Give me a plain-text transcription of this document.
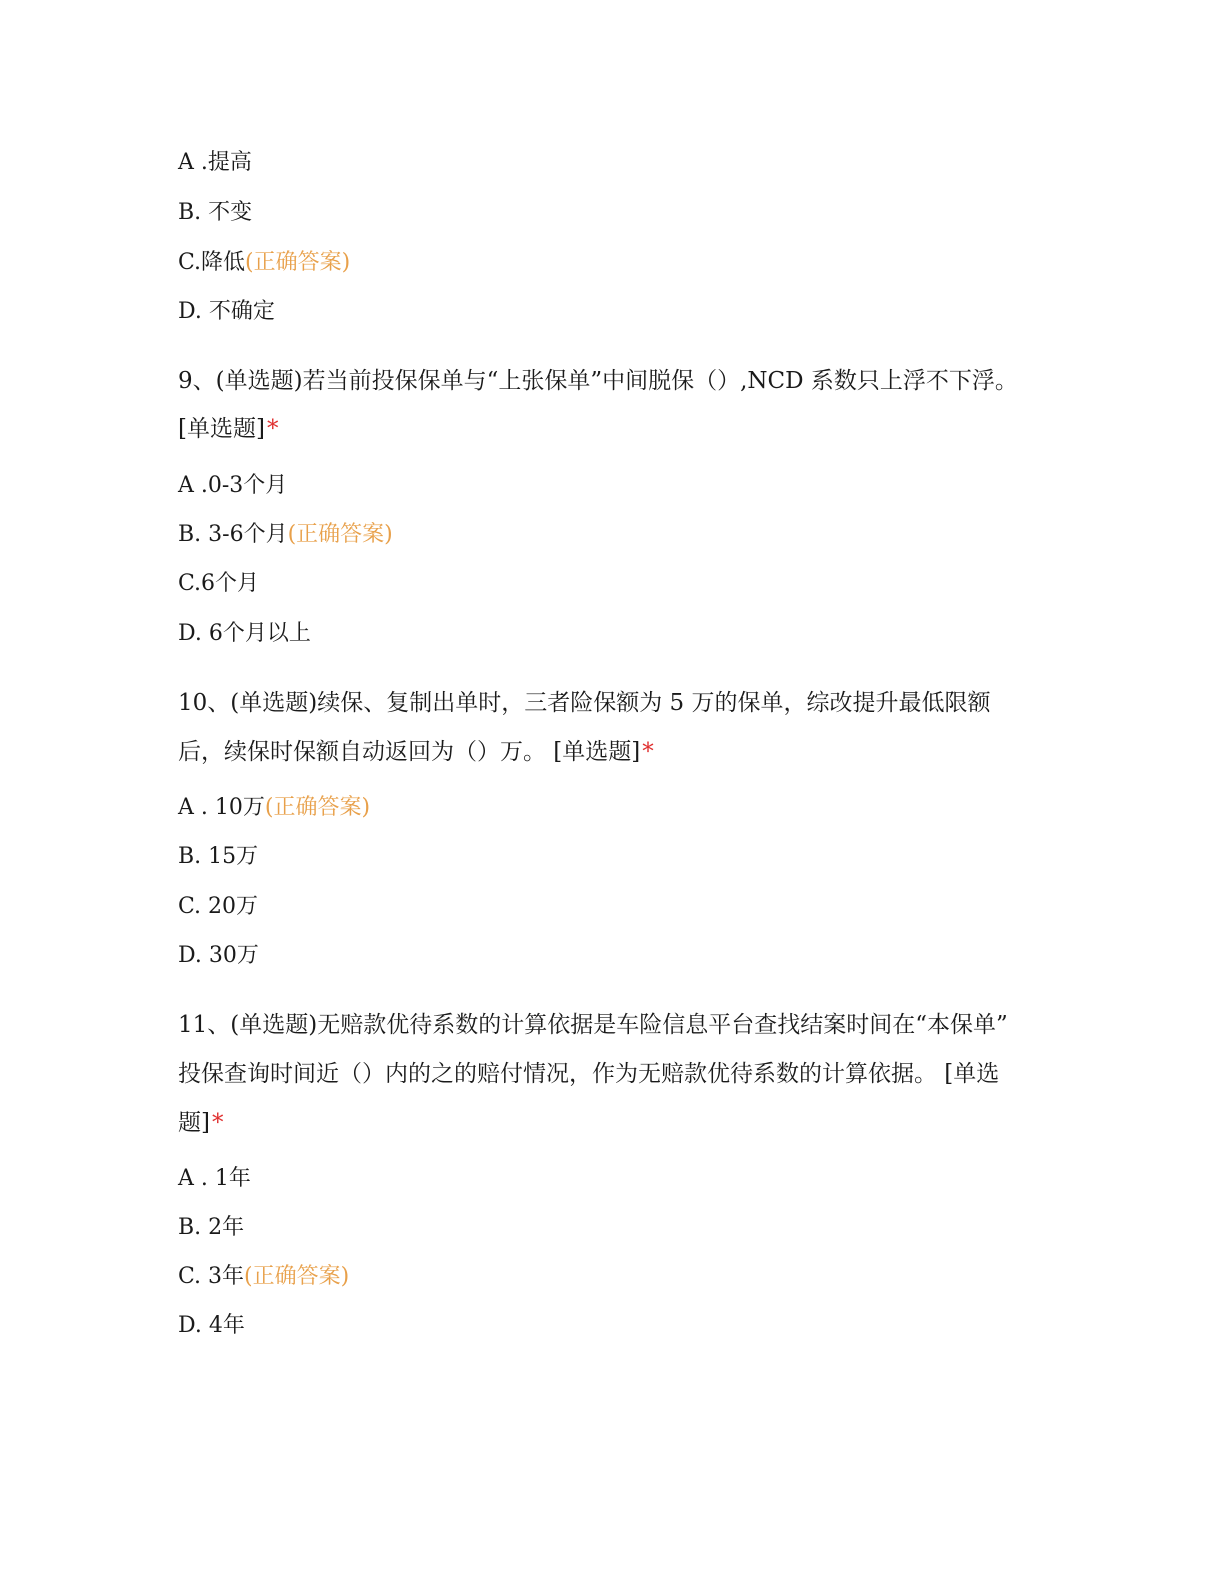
A .提高
B. 不变
C.降低(正确答案)
D. 不确定
9、(单选题)若当前投保保单与“上张保单”中间脱保（）,NCD 系数只上浮不下浮。
[单选题]*
A .0-3个月
B. 3-6个月(正确答案)
C.6个月
D. 6个月以上
10、(单选题)续保、复制出单时，三者险保额为 5 万的保单，综改提升最低限额
后，续保时保额自动返回为（）万。 [单选题]*
A . 10万(正确答案)
B. 15万
C. 20万
D. 30万
11、(单选题)无赔款优待系数的计算依据是车险信息平台查找结案时间在“本保单”
投保查询时间近（）内的之的赔付情况，作为无赔款优待系数的计算依据。 [单选
题]*
A . 1年
B. 2年
C. 3年(正确答案)
D. 4年
